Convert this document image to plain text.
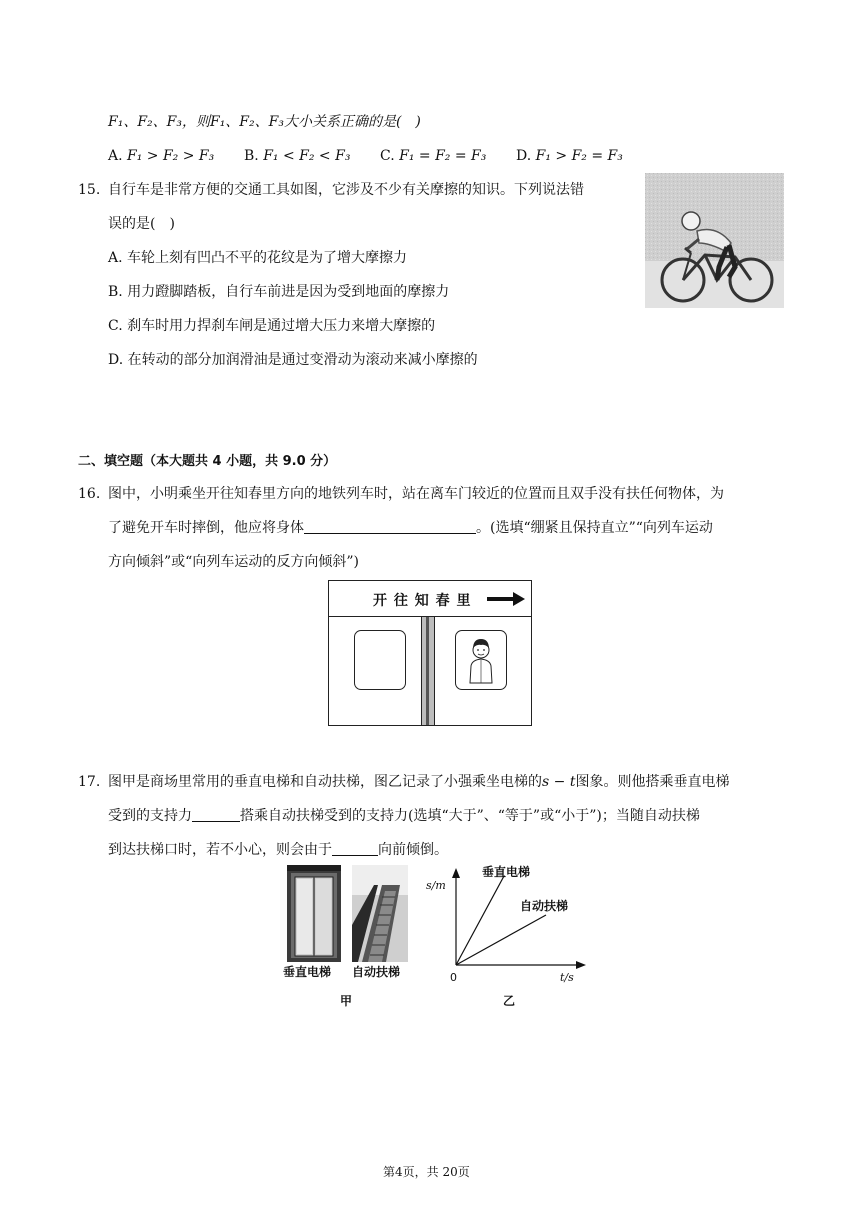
F₁、F₂、F₃，则F₁、F₂、F₃大小关系正确的是(　)
A. F₁ > F₂ > F₃ B. F₁ < F₂ < F₃ C. F₁ = F₂ = F₃ D. F₁ > F₂ = F₃
15. 自行车是非常方便的交通工具如图，它涉及不少有关摩擦的知识。下列说法错
误的是(　)
A. 车轮上刻有凹凸不平的花纹是为了增大摩擦力
B. 用力蹬脚踏板，自行车前进是因为受到地面的摩擦力
C. 刹车时用力捍刹车闸是通过增大压力来增大摩擦的
D. 在转动的部分加润滑油是通过变滑动为滚动来减小摩擦的
二、填空题（本大题共 4 小题，共 9.0 分）
16. 图中，小明乘坐开往知春里方向的地铁列车时，站在离车门较近的位置而且双手没有扶任何物体，为
了避免开车时摔倒，他应将身体	。(选填“绷紧且保持直立”“向列车运动
方向倾斜”或“向列车运动的反方向倾斜”)
开 往 知 春 里
17. 图甲是商场里常用的垂直电梯和自动扶梯，图乙记录了小强乘坐电梯的s − t图象。则他搭乘垂直电梯
受到的支持力	搭乘自动扶梯受到的支持力(选填“大于”、“等于”或“小于”)；当随自动扶梯
到达扶梯口时，若不小心，则会由于	向前倾倒。
垂直电梯 自动扶梯
甲
s/m
t/s
0
垂直电梯
自动扶梯
乙
第4页，共 20页
